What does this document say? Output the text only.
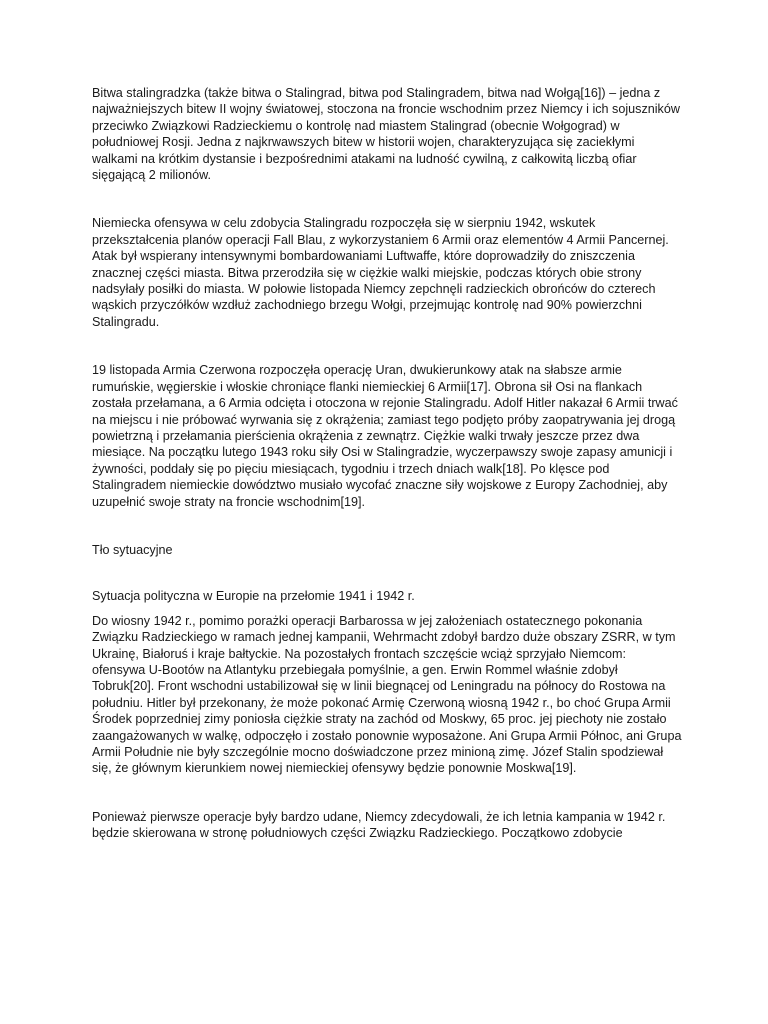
Bitwa stalingradzka (także bitwa o Stalingrad, bitwa pod Stalingradem, bitwa nad Wołgą[16]) – jedna z najważniejszych bitew II wojny światowej, stoczona na froncie wschodnim przez Niemcy i ich sojuszników przeciwko Związkowi Radzieckiemu o kontrolę nad miastem Stalingrad (obecnie Wołgograd) w południowej Rosji. Jedna z najkrwawszych bitew w historii wojen, charakteryzująca się zaciekłymi walkami na krótkim dystansie i bezpośrednimi atakami na ludność cywilną, z całkowitą liczbą ofiar sięgającą 2 milionów.

Niemiecka ofensywa w celu zdobycia Stalingradu rozpoczęła się w sierpniu 1942, wskutek przekształcenia planów operacji Fall Blau, z wykorzystaniem 6 Armii oraz elementów 4 Armii Pancernej. Atak był wspierany intensywnymi bombardowaniami Luftwaffe, które doprowadziły do zniszczenia znacznej części miasta. Bitwa przerodziła się w ciężkie walki miejskie, podczas których obie strony nadsyłały posiłki do miasta. W połowie listopada Niemcy zepchnęli radzieckich obrońców do czterech wąskich przyczółków wzdłuż zachodniego brzegu Wołgi, przejmując kontrolę nad 90% powierzchni Stalingradu.

19 listopada Armia Czerwona rozpoczęła operację Uran, dwukierunkowy atak na słabsze armie rumuńskie, węgierskie i włoskie chroniące flanki niemieckiej 6 Armii[17]. Obrona sił Osi na flankach została przełamana, a 6 Armia odcięta i otoczona w rejonie Stalingradu. Adolf Hitler nakazał 6 Armii trwać na miejscu i nie próbować wyrwania się z okrążenia; zamiast tego podjęto próby zaopatrywania jej drogą powietrzną i przełamania pierścienia okrążenia z zewnątrz. Ciężkie walki trwały jeszcze przez dwa miesiące. Na początku lutego 1943 roku siły Osi w Stalingradzie, wyczerpawszy swoje zapasy amunicji i żywności, poddały się po pięciu miesiącach, tygodniu i trzech dniach walk[18]. Po klęsce pod Stalingradem niemieckie dowództwo musiało wycofać znaczne siły wojskowe z Europy Zachodniej, aby uzupełnić swoje straty na froncie wschodnim[19].

Tło sytuacyjne

Sytuacja polityczna w Europie na przełomie 1941 i 1942 r.

Do wiosny 1942 r., pomimo porażki operacji Barbarossa w jej założeniach ostatecznego pokonania Związku Radzieckiego w ramach jednej kampanii, Wehrmacht zdobył bardzo duże obszary ZSRR, w tym Ukrainę, Białoruś i kraje bałtyckie. Na pozostałych frontach szczęście wciąż sprzyjało Niemcom: ofensywa U-Bootów na Atlantyku przebiegała pomyślnie, a gen. Erwin Rommel właśnie zdobył Tobruk[20]. Front wschodni ustabilizował się w linii biegnącej od Leningradu na północy do Rostowa na południu. Hitler był przekonany, że może pokonać Armię Czerwoną wiosną 1942 r., bo choć Grupa Armii Środek poprzedniej zimy poniosła ciężkie straty na zachód od Moskwy, 65 proc. jej piechoty nie zostało zaangażowanych w walkę, odpoczęło i zostało ponownie wyposażone. Ani Grupa Armii Północ, ani Grupa Armii Południe nie były szczególnie mocno doświadczone przez minioną zimę. Józef Stalin spodziewał się, że głównym kierunkiem nowej niemieckiej ofensywy będzie ponownie Moskwa[19].

Ponieważ pierwsze operacje były bardzo udane, Niemcy zdecydowali, że ich letnia kampania w 1942 r. będzie skierowana w stronę południowych części Związku Radzieckiego. Początkowo zdobycie
